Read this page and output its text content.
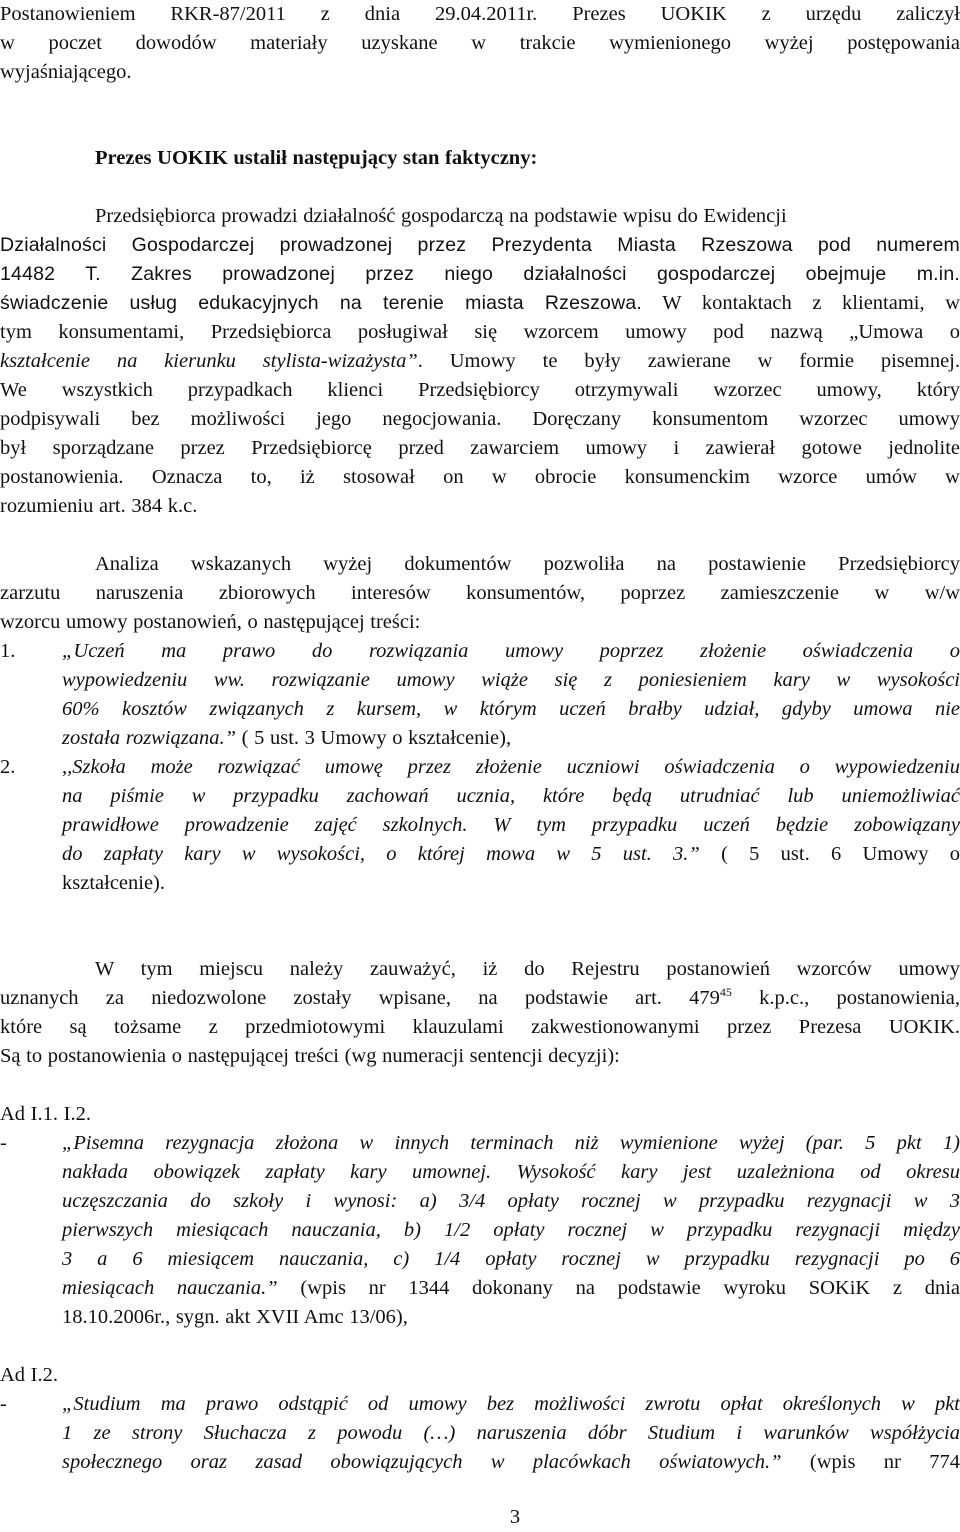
Postanowieniem RKR-87/2011 z dnia 29.04.2011r. Prezes UOKIK z urzędu zaliczył
w poczet dowodów materiały uzyskane w trakcie wymienionego wyżej postępowania
wyjaśniającego.
Prezes UOKIK ustalił następujący stan faktyczny:
Przedsiębiorca prowadzi działalność gospodarczą na podstawie wpisu do Ewidencji
Działalności Gospodarczej prowadzonej przez Prezydenta Miasta Rzeszowa pod numerem
14482 T. Zakres prowadzonej przez niego działalności gospodarczej obejmuje m.in.
świadczenie usług edukacyjnych na terenie miasta Rzeszowa. W kontaktach z klientami, w
tym konsumentami, Przedsiębiorca posługiwał się wzorcem umowy pod nazwą „Umowa o
kształcenie na kierunku stylista-wizażysta”. Umowy te były zawierane w formie pisemnej.
We wszystkich przypadkach klienci Przedsiębiorcy otrzymywali wzorzec umowy, który
podpisywali bez możliwości jego negocjowania. Doręczany konsumentom wzorzec umowy
był sporządzane przez Przedsiębiorcę przed zawarciem umowy i zawierał gotowe jednolite
postanowienia. Oznacza to, iż stosował on w obrocie konsumenckim wzorce umów w
rozumieniu art. 384 k.c.
Analiza wskazanych wyżej dokumentów pozwoliła na postawienie Przedsiębiorcy
zarzutu naruszenia zbiorowych interesów konsumentów, poprzez zamieszczenie w w/w
wzorcu umowy postanowień, o następującej treści:
1.	„Uczeń ma prawo do rozwiązania umowy poprzez złożenie oświadczenia o
wypowiedzeniu ww. rozwiązanie umowy wiąże się z poniesieniem kary w wysokości
60% kosztów związanych z kursem, w którym uczeń brałby udział, gdyby umowa nie
została rozwiązana.” ( 5 ust. 3 Umowy o kształcenie),
2.	,,Szkoła może rozwiązać umowę przez złożenie uczniowi oświadczenia o wypowiedzeniu
na piśmie w przypadku zachowań ucznia, które będą utrudniać lub uniemożliwiać
prawidłowe prowadzenie zajęć szkolnych. W tym przypadku uczeń będzie zobowiązany
do zapłaty kary w wysokości, o której mowa w 5 ust. 3.” ( 5 ust. 6 Umowy o
kształcenie).
W tym miejscu należy zauważyć, iż do Rejestru postanowień wzorców umowy
uznanych za niedozwolone zostały wpisane, na podstawie art. $479^{45}$ k.p.c., postanowienia,
które są tożsame z przedmiotowymi klauzulami zakwestionowanymi przez Prezesa UOKIK.
Są to postanowienia o następującej treści (wg numeracji sentencji decyzji):
Ad I.1. I.2.
-	„Pisemna rezygnacja złożona w innych terminach niż wymienione wyżej (par. 5 pkt 1)
nakłada obowiązek zapłaty kary umownej. Wysokość kary jest uzależniona od okresu
uczęszczania do szkoły i wynosi: a) 3/4 opłaty rocznej w przypadku rezygnacji w 3
pierwszych miesiącach nauczania, b) 1/2 opłaty rocznej w przypadku rezygnacji między
3 a 6 miesiącem nauczania, c) 1/4 opłaty rocznej w przypadku rezygnacji po 6
miesiącach nauczania.” (wpis nr 1344 dokonany na podstawie wyroku SOKiK z dnia
18.10.2006r., sygn. akt XVII Amc 13/06),
Ad I.2.
-	„Studium ma prawo odstąpić od umowy bez możliwości zwrotu opłat określonych w pkt
1 ze strony Słuchacza z powodu (…) naruszenia dóbr Studium i warunków współżycia
społecznego oraz zasad obowiązujących w placówkach oświatowych.” (wpis nr 774
3
